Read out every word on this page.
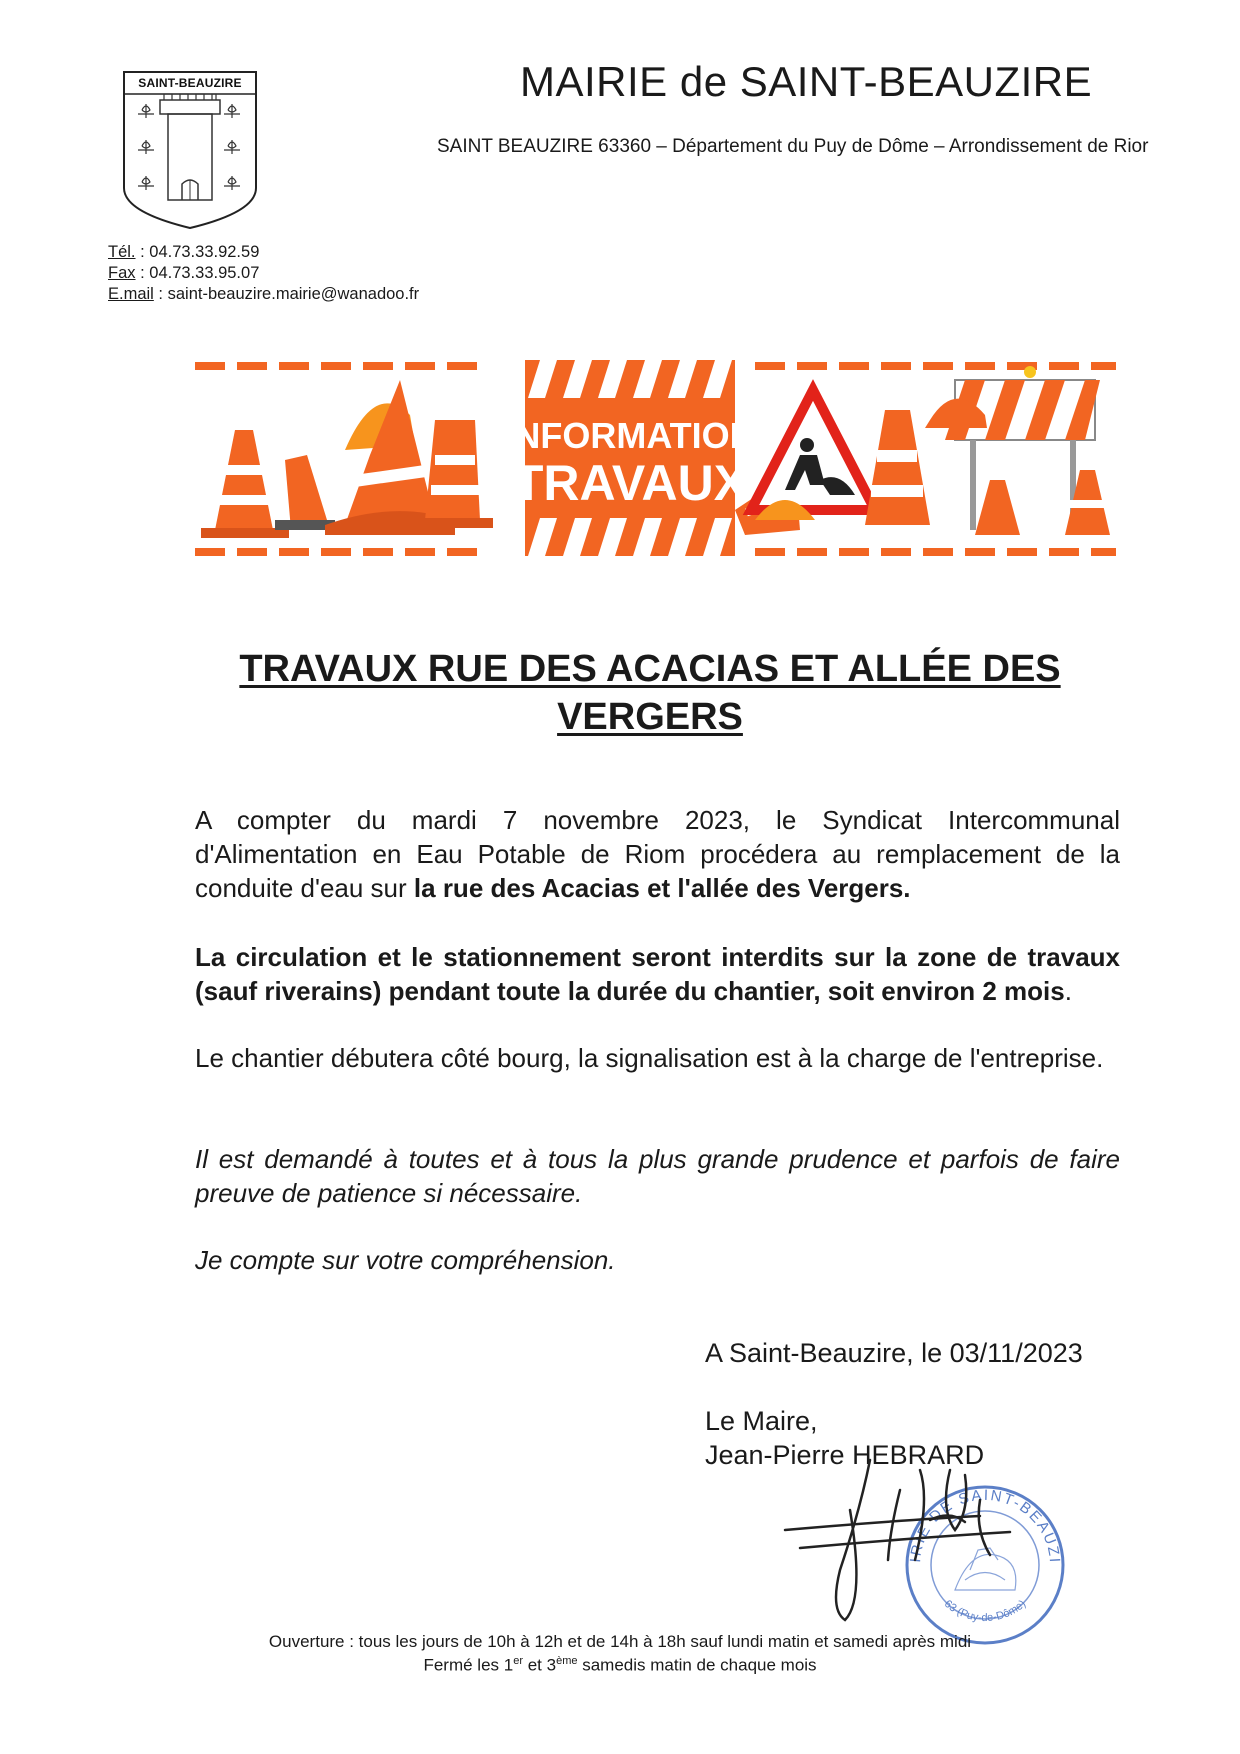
SAINT-BEAUZIRE	MAIRIE de SAINT-BEAUZIRE
SAINT BEAUZIRE 63360 – Département du Puy de Dôme – Arrondissement de Rior
Tél. : 04.73.33.92.59
Fax : 04.73.33.95.07
E.mail : saint-beauzire.mairie@wanadoo.fr
INFORMATION
TRAVAUX
TRAVAUX RUE DES ACACIAS ET ALLÉE DES
VERGERS
A compter du mardi 7 novembre 2023, le Syndicat Intercommunal d'Alimentation en Eau Potable de Riom procédera au remplacement de la conduite d'eau sur la rue des Acacias et l'allée des Vergers.
La circulation et le stationnement seront interdits sur la zone de travaux (sauf riverains) pendant toute la durée du chantier, soit environ 2 mois.
Le chantier débutera côté bourg, la signalisation est à la charge de l'entreprise.
Il est demandé à toutes et à tous la plus grande prudence et parfois de faire preuve de patience si nécessaire.
Je compte sur votre compréhension.
A Saint-Beauzire, le 03/11/2023
Le Maire,
Jean-Pierre HEBRARD
IRIE DE SAINT-BEAUZI
63 (Puy-de-Dôme)
Ouverture : tous les jours de 10h à 12h et de 14h à 18h sauf lundi matin et samedi après midi
Fermé les 1er et 3ème samedis matin de chaque mois
